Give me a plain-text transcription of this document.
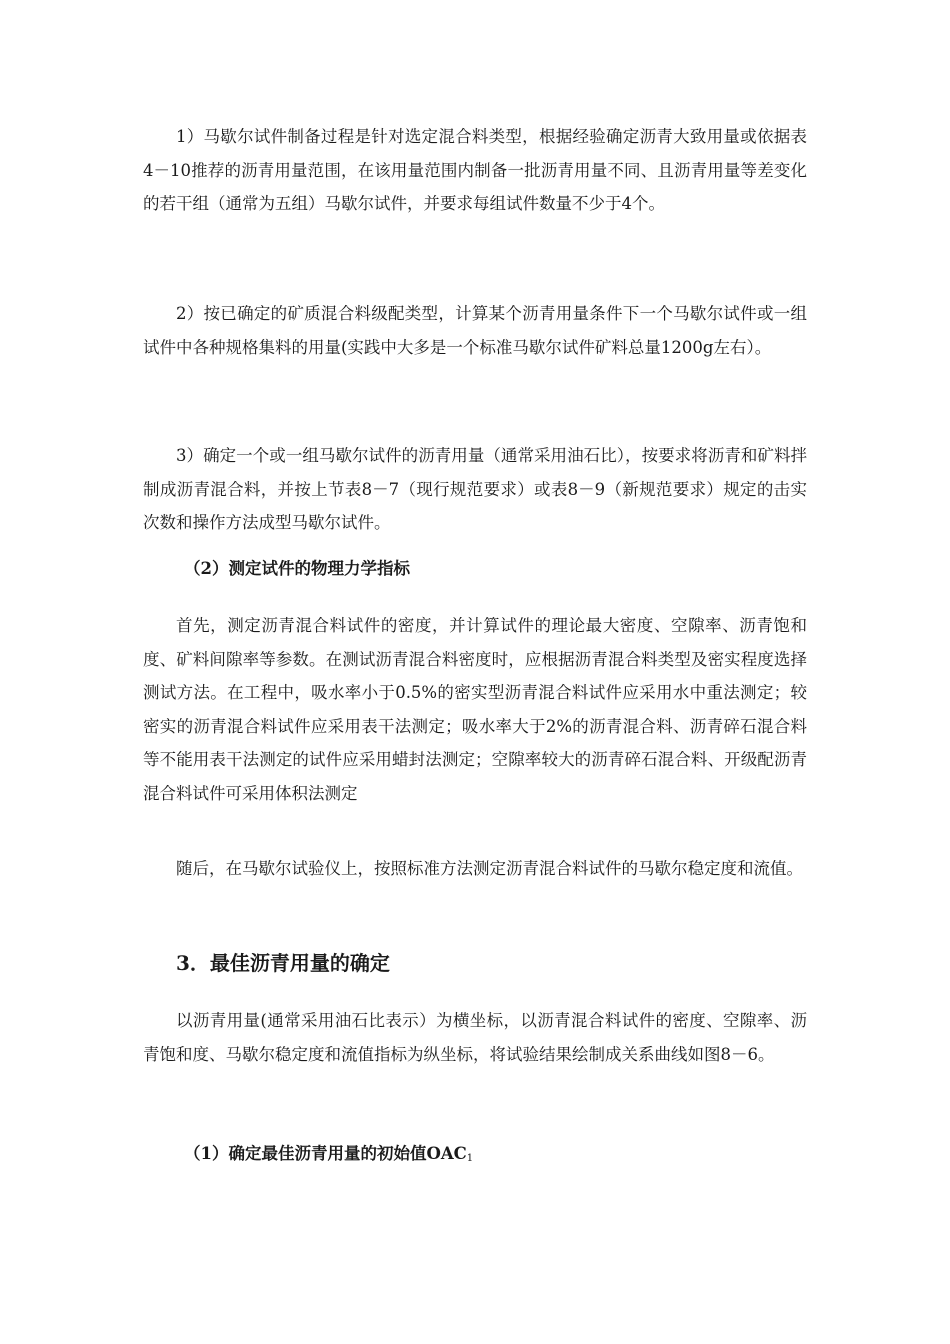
1）马歇尔试件制备过程是针对选定混合料类型，根据经验确定沥青大致用量或依据表4－10推荐的沥青用量范围，在该用量范围内制备一批沥青用量不同、且沥青用量等差变化的若干组（通常为五组）马歇尔试件，并要求每组试件数量不少于4个。

2）按已确定的矿质混合料级配类型，计算某个沥青用量条件下一个马歇尔试件或一组试件中各种规格集料的用量(实践中大多是一个标准马歇尔试件矿料总量1200g左右）。

3）确定一个或一组马歇尔试件的沥青用量（通常采用油石比），按要求将沥青和矿料拌制成沥青混合料，并按上节表8－7（现行规范要求）或表8－9（新规范要求）规定的击实次数和操作方法成型马歇尔试件。

（2）测定试件的物理力学指标

首先，测定沥青混合料试件的密度，并计算试件的理论最大密度、空隙率、沥青饱和度、矿料间隙率等参数。在测试沥青混合料密度时，应根据沥青混合料类型及密实程度选择测试方法。在工程中，吸水率小于0.5%的密实型沥青混合料试件应采用水中重法测定；较密实的沥青混合料试件应采用表干法测定；吸水率大于2%的沥青混合料、沥青碎石混合料等不能用表干法测定的试件应采用蜡封法测定；空隙率较大的沥青碎石混合料、开级配沥青混合料试件可采用体积法测定

随后，在马歇尔试验仪上，按照标准方法测定沥青混合料试件的马歇尔稳定度和流值。

3．最佳沥青用量的确定

以沥青用量(通常采用油石比表示）为横坐标，以沥青混合料试件的密度、空隙率、沥青饱和度、马歇尔稳定度和流值指标为纵坐标，将试验结果绘制成关系曲线如图8－6。

（1）确定最佳沥青用量的初始值$OAC_1$
